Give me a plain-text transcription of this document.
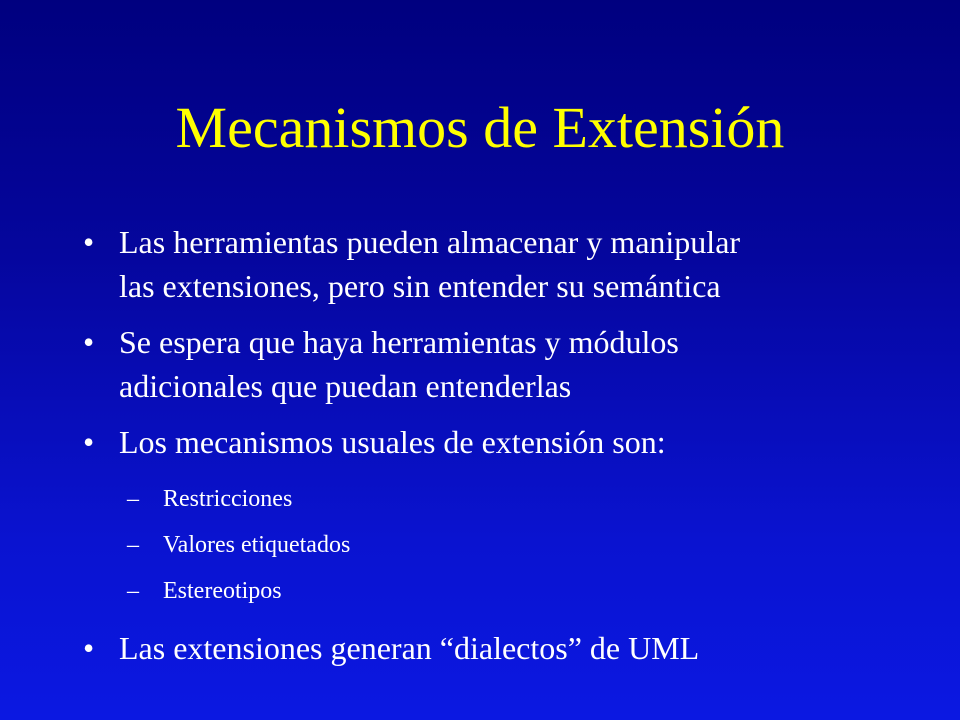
Mecanismos de Extensión
• Las herramientas pueden almacenar y manipular
las extensiones, pero sin entender su semántica
• Se espera que haya herramientas y módulos
adicionales que puedan entenderlas
• Los mecanismos usuales de extensión son:
– Restricciones
– Valores etiquetados
– Estereotipos
• Las extensiones generan “dialectos” de UML
